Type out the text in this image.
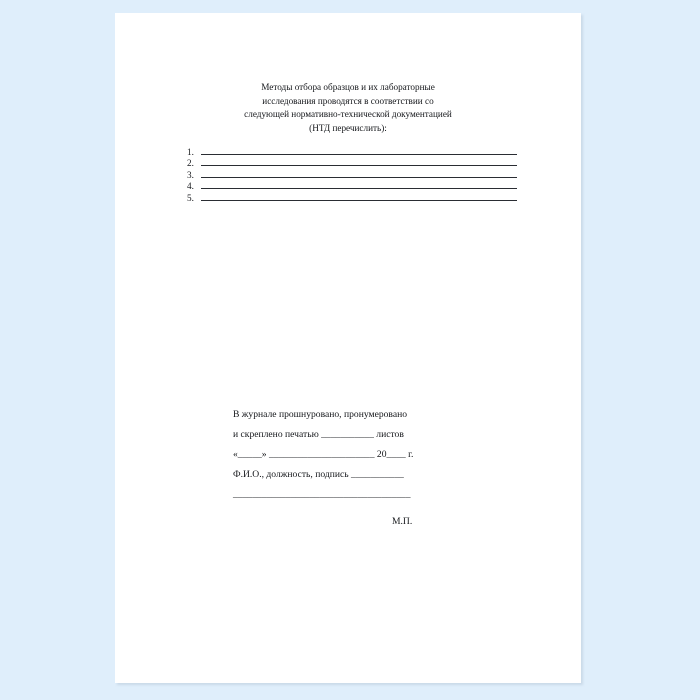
Методы отбора образцов и их лабораторные
исследования проводятся в соответствии со
следующей нормативно-технической документацией
(НТД перечислить):
1.
2.
3.
4.
5.
В журнале прошнуровано, пронумеровано
и скреплено печатью ___________ листов
«_____» ______________________ 20____ г.
Ф.И.О., должность, подпись ___________
_____________________________________
М.П.
